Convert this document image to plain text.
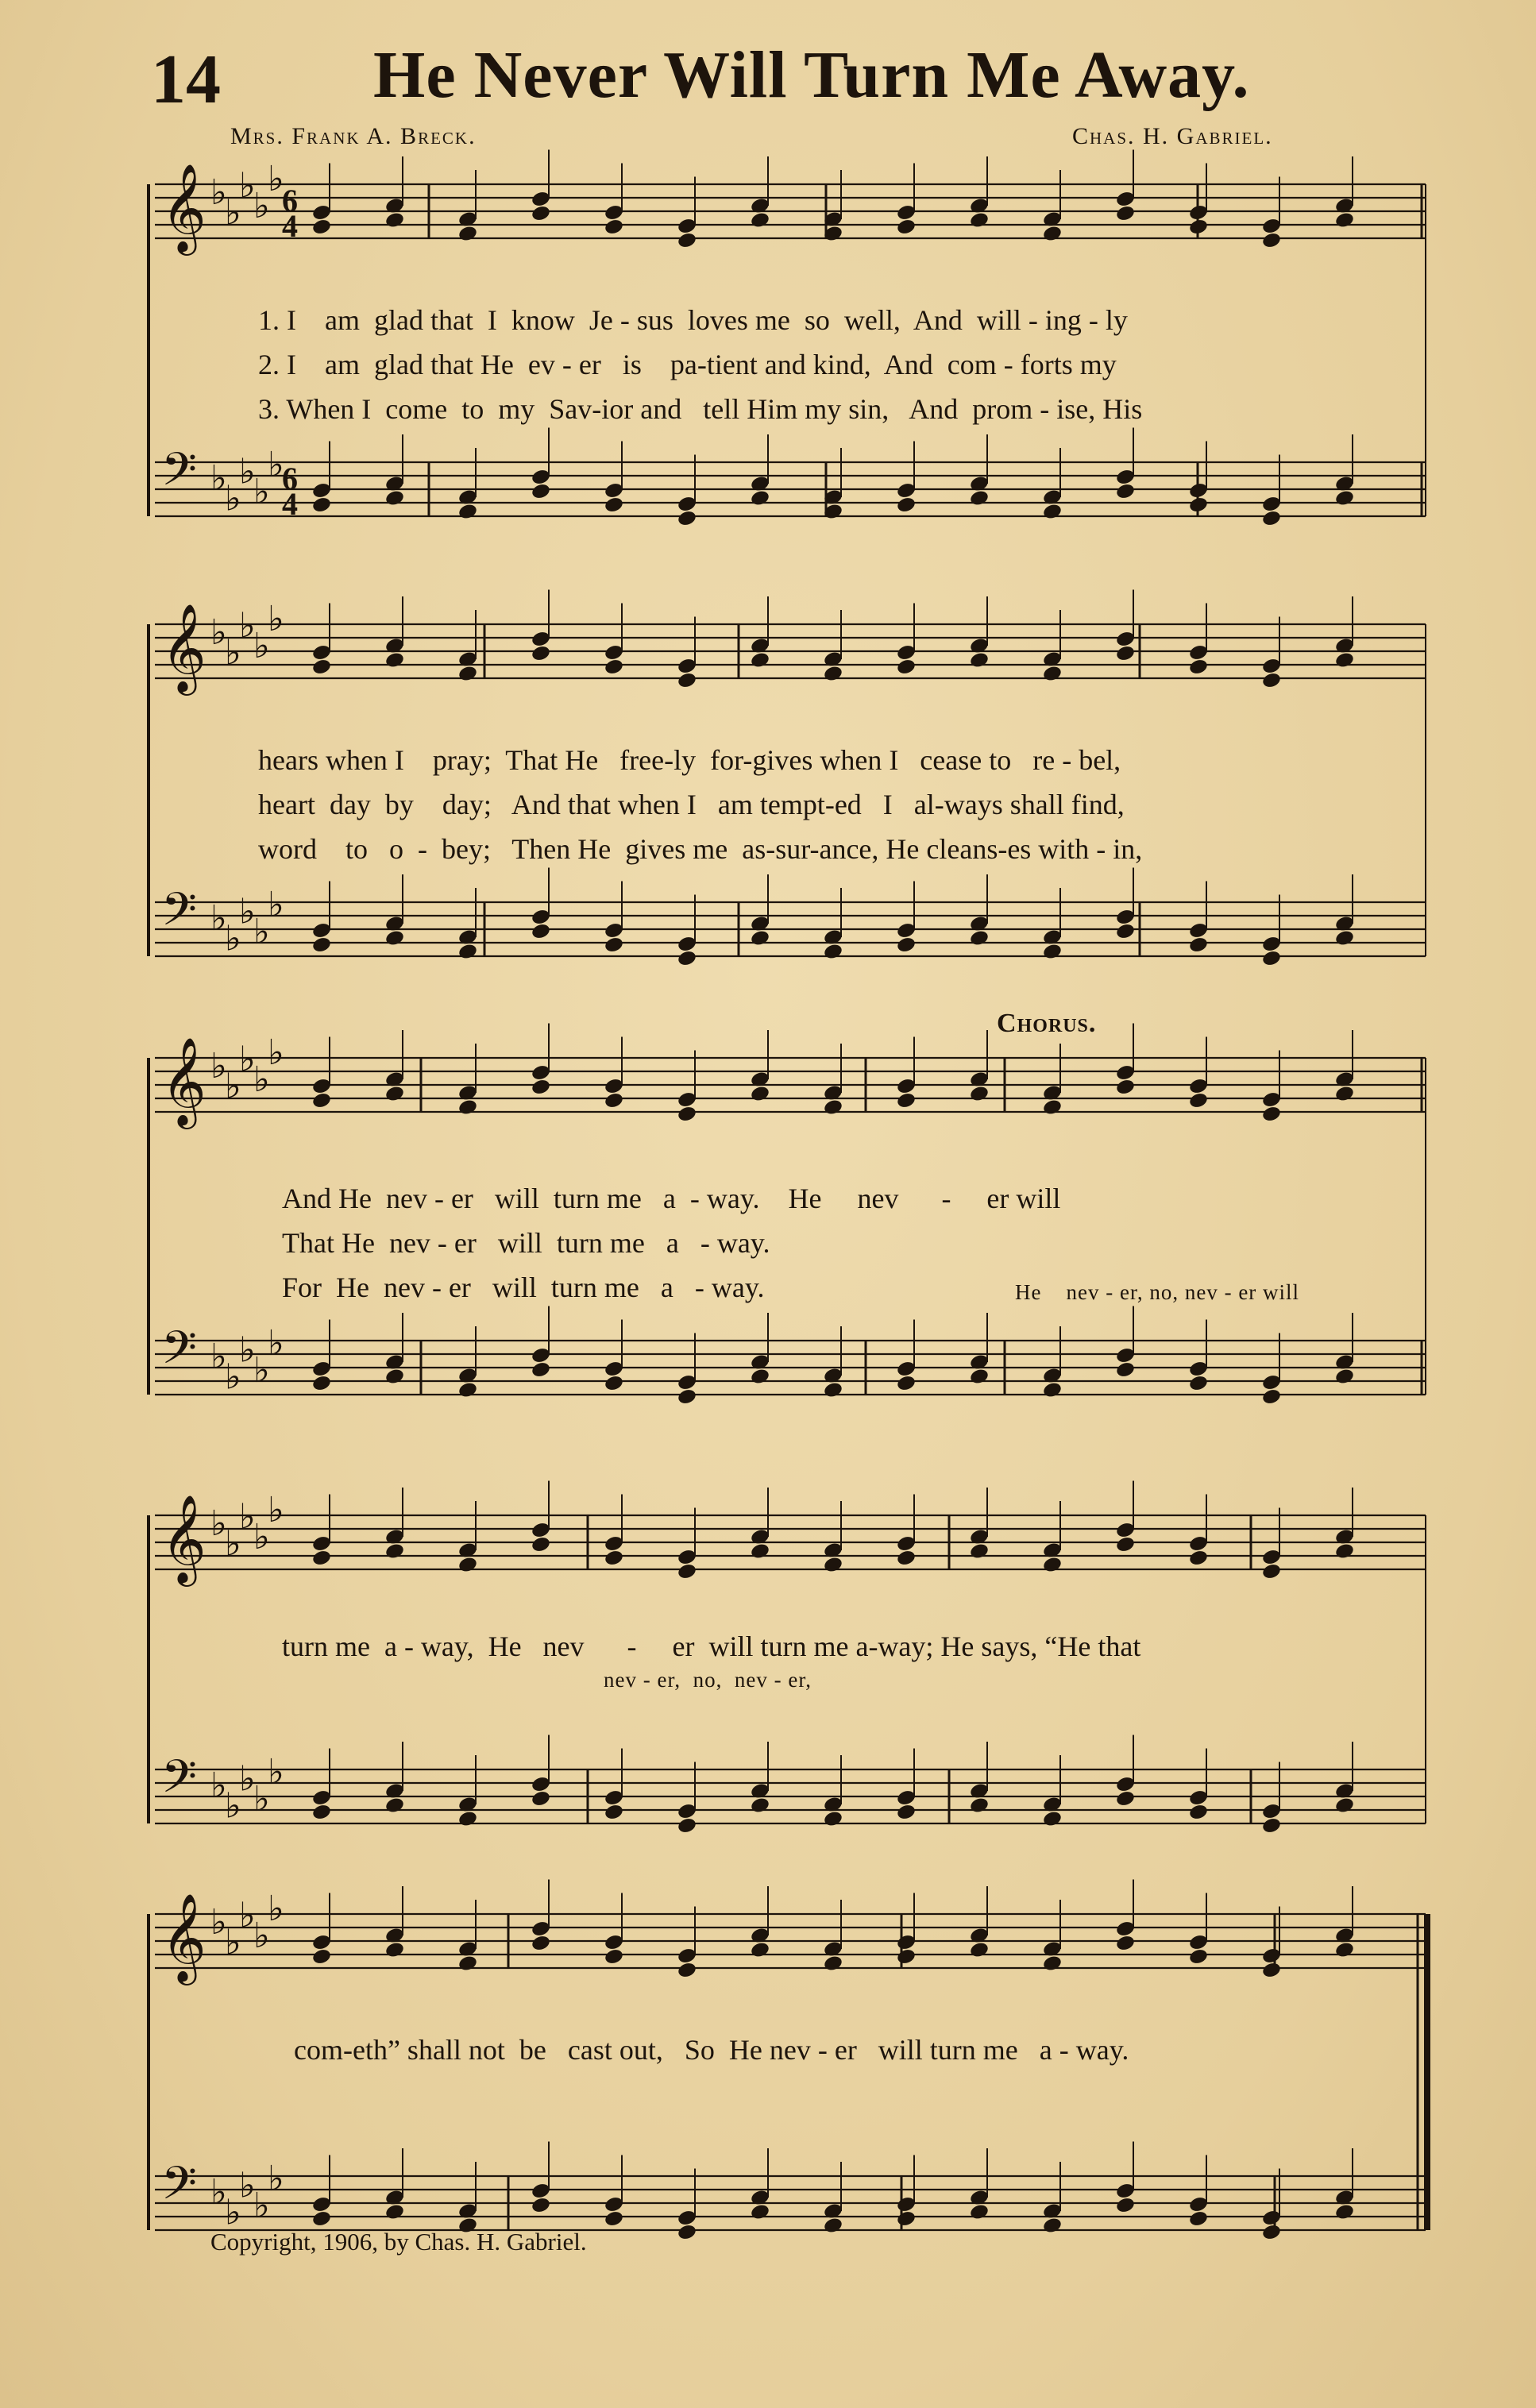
14 He Never Will Turn Me Away.
Mrs. Frank A. Breck.	Chas. H. Gabriel.
𝄞 ♭
♭
♭
♭
♭
6
4
𝄢 ♭
♭
♭
♭
♭
6
4
𝄞 ♭
♭
♭
♭
♭
𝄢 ♭
♭
♭
♭
♭
𝄞 ♭
♭
♭
♭
♭
𝄢 ♭
♭
♭
♭
♭
𝄞 ♭
♭
♭
♭
♭
𝄢 ♭
♭
♭
♭
♭
𝄞 ♭
♭
♭
♭
♭
𝄢 ♭
♭
♭
♭
♭
1. I    am  glad that  I  know  Je - sus  loves me  so  well,  And  will - ing - ly
2. I    am  glad that He  ev - er   is    pa-tient and kind,  And  com - forts my
3. When I  come  to  my  Sav-ior and   tell Him my sin,   And  prom - ise, His
hears when I    pray;  That He   free-ly  for-gives when I   cease to   re - bel,
heart  day  by    day;   And that when I   am tempt-ed   I   al-ways shall find,
word    to   o  -  bey;   Then He  gives me  as-sur-ance, He cleans-es with - in,
Chorus.
And He  nev - er   will  turn me   a  - way.    He     nev      -     er will
That He  nev - er   will  turn me   a   - way.
For  He  nev - er   will  turn me   a   - way.	He    nev - er, no, nev - er will
turn me  a - way,  He   nev      -     er  will turn me a-way; He says, “He that
nev - er,  no,  nev - er,
com-eth” shall not  be   cast out,   So  He nev - er   will turn me   a - way.
Copyright, 1906, by Chas. H. Gabriel.
